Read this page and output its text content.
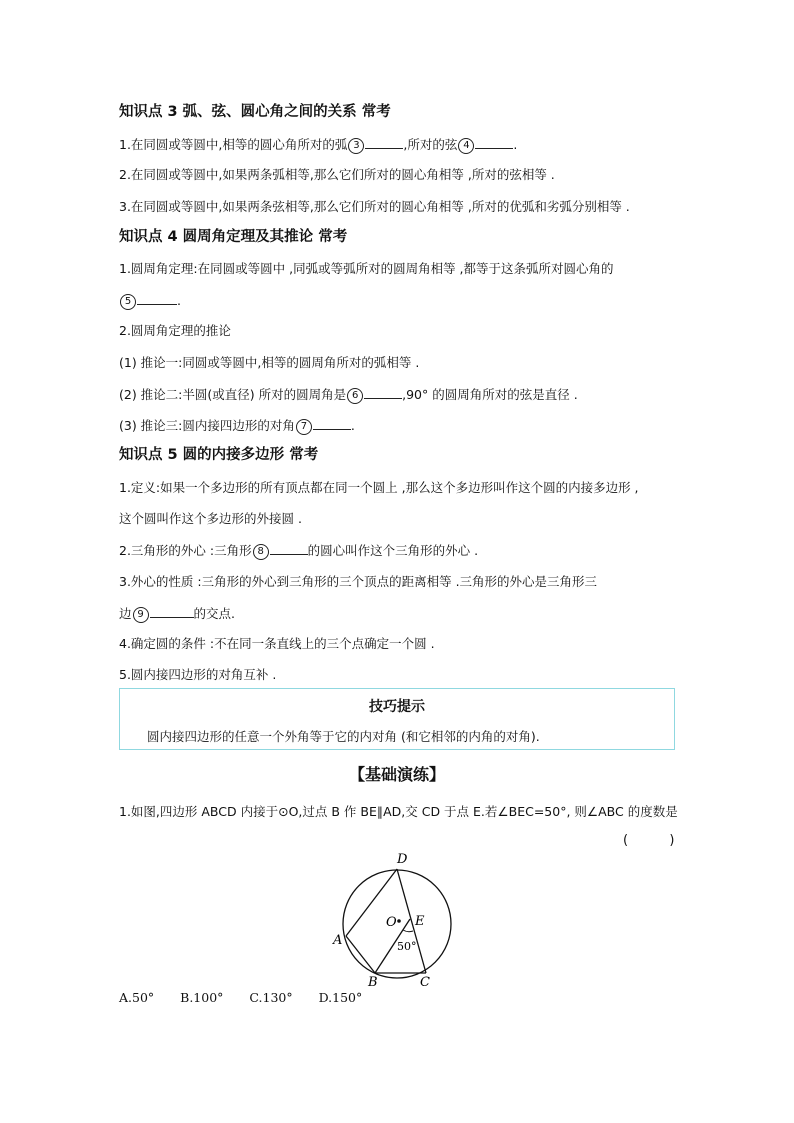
知识点 3 弧、弦、圆心角之间的关系 常考
1.在同圆或等圆中,相等的圆心角所对的弧 3	,所对的弦 4	.
2.在同圆或等圆中,如果两条弧相等,那么它们所对的圆心角相等 ,所对的弦相等 .
3.在同圆或等圆中,如果两条弦相等,那么它们所对的圆心角相等 ,所对的优弧和劣弧分别相等 .
知识点 4 圆周角定理及其推论 常考
1.圆周角定理:在同圆或等圆中 ,同弧或等弧所对的圆周角相等 ,都等于这条弧所对圆心角的
5	.
2.圆周角定理的推论
(1) 推论一:同圆或等圆中,相等的圆周角所对的弧相等 .
(2) 推论二:半圆(或直径) 所对的圆周角是 6	,90° 的圆周角所对的弦是直径 .
(3) 推论三:圆内接四边形的对角 7	.
知识点 5 圆的内接多边形 常考
1.定义:如果一个多边形的所有顶点都在同一个圆上 ,那么这个多边形叫作这个圆的内接多边形 ,
这个圆叫作这个多边形的外接圆 .
2.三角形的外心 :三角形 8	的圆心叫作这个三角形的外心 .
3.外心的性质 :三角形的外心到三角形的三个顶点的距离相等 .三角形的外心是三角形三
边 9	的交点.
4.确定圆的条件 :不在同一条直线上的三个点确定一个圆 .
5.圆内接四边形的对角互补 .
技巧提示
圆内接四边形的任意一个外角等于它的内对角 (和它相邻的内角的对角).
【基础演练】
1.如图,四边形 ABCD 内接于⊙O,过点 B 作 BE∥AD,交 CD 于点 E.若∠BEC=50°, 则∠ABC 的度数是
(          )
D
A
B	C
E
O
50°
A.50° B.100° C.130° D.150°
